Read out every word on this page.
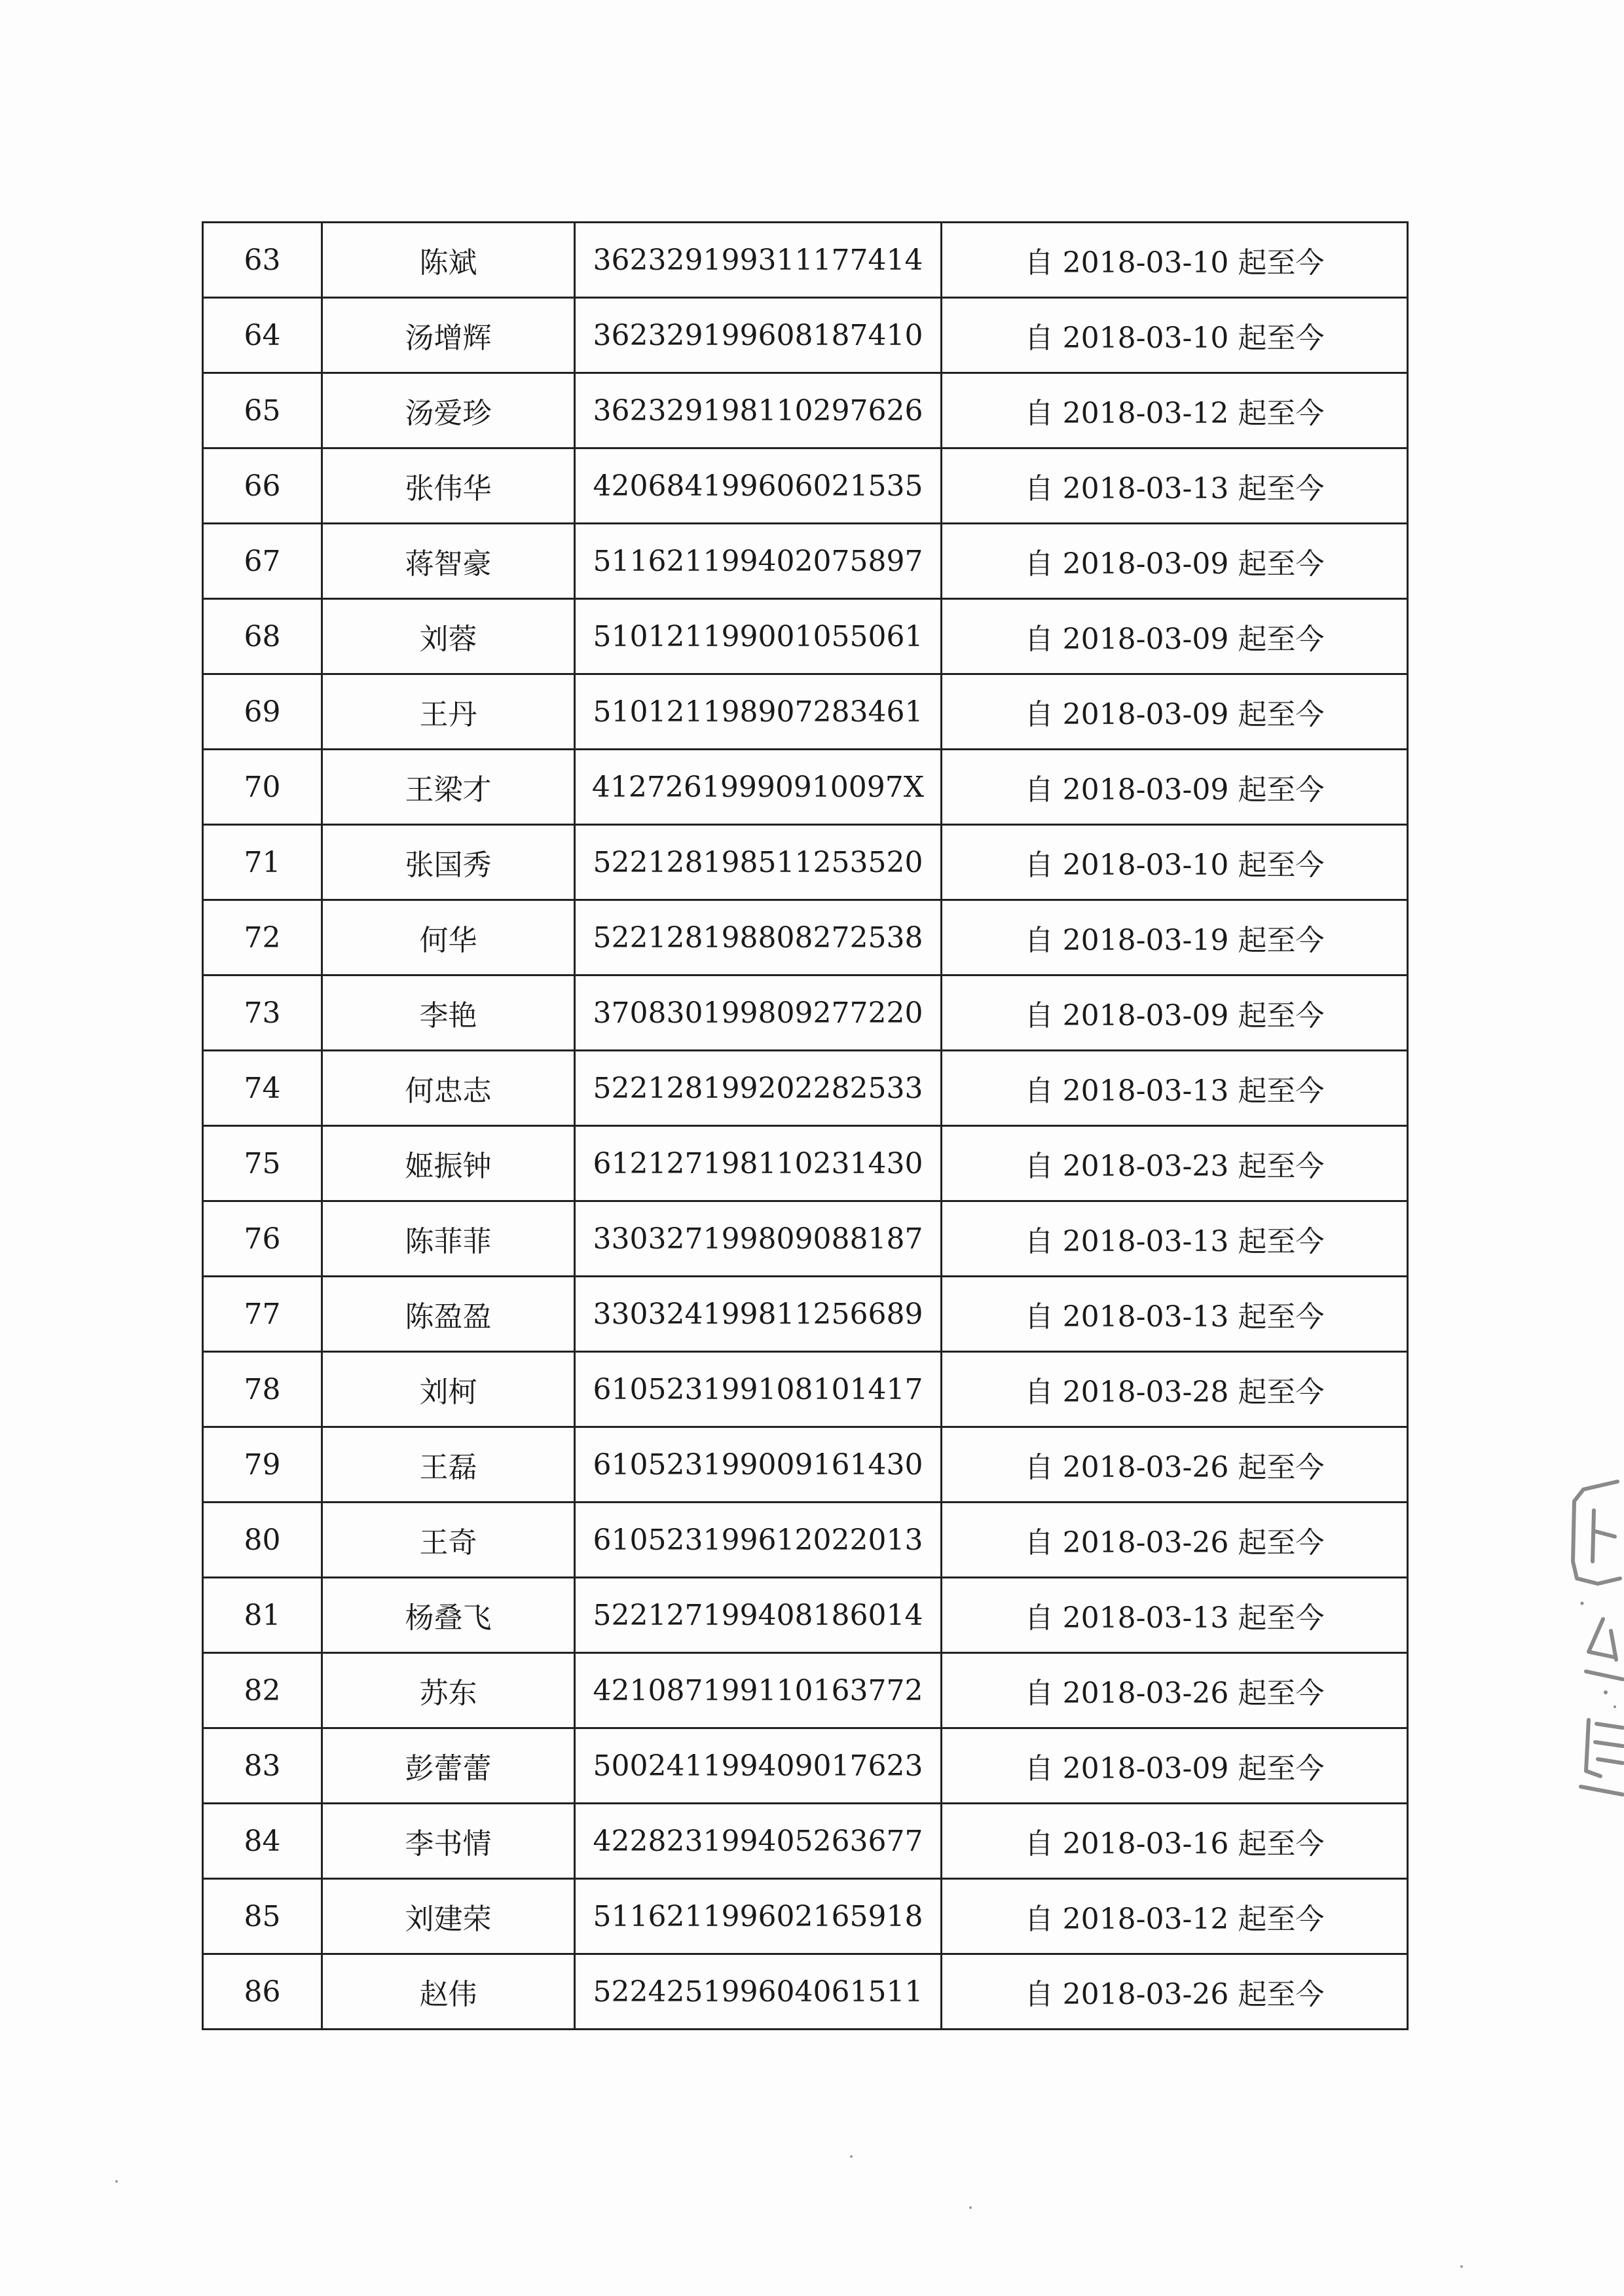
63	陈斌	362329199311177414	自 2018-03-10 起至今
64	汤增辉	362329199608187410	自 2018-03-10 起至今
65	汤爱珍	362329198110297626	自 2018-03-12 起至今
66	张伟华	420684199606021535	自 2018-03-13 起至今
67	蒋智豪	511621199402075897	自 2018-03-09 起至今
68	刘蓉	510121199001055061	自 2018-03-09 起至今
69	王丹	510121198907283461	自 2018-03-09 起至今
70	王梁才	41272619990910097X	自 2018-03-09 起至今
71	张国秀	522128198511253520	自 2018-03-10 起至今
72	何华	522128198808272538	自 2018-03-19 起至今
73	李艳	370830199809277220	自 2018-03-09 起至今
74	何忠志	522128199202282533	自 2018-03-13 起至今
75	姬振钟	612127198110231430	自 2018-03-23 起至今
76	陈菲菲	330327199809088187	自 2018-03-13 起至今
77	陈盈盈	330324199811256689	自 2018-03-13 起至今
78	刘柯	610523199108101417	自 2018-03-28 起至今
79	王磊	610523199009161430	自 2018-03-26 起至今
80	王奇	610523199612022013	自 2018-03-26 起至今
81	杨叠飞	522127199408186014	自 2018-03-13 起至今
82	苏东	421087199110163772	自 2018-03-26 起至今
83	彭蕾蕾	500241199409017623	自 2018-03-09 起至今
84	李书情	422823199405263677	自 2018-03-16 起至今
85	刘建荣	511621199602165918	自 2018-03-12 起至今
86	赵伟	522425199604061511	自 2018-03-26 起至今
